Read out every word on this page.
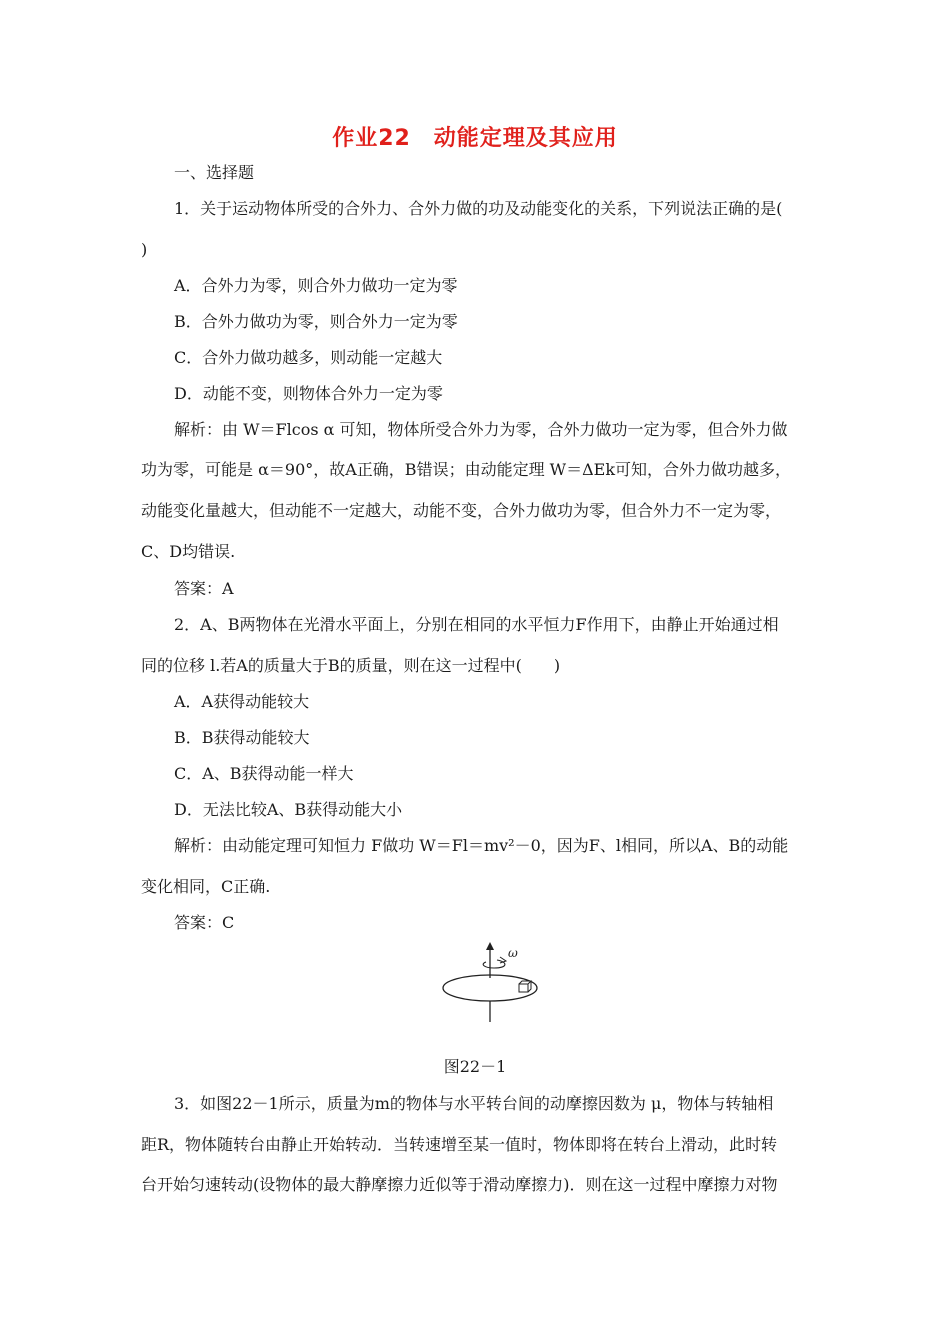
作业22　动能定理及其应用
一、选择题
1．关于运动物体所受的合外力、合外力做的功及动能变化的关系，下列说法正确的是(
)
A．合外力为零，则合外力做功一定为零
B．合外力做功为零，则合外力一定为零
C．合外力做功越多，则动能一定越大
D．动能不变，则物体合外力一定为零
解析：由 W＝Flcos α 可知，物体所受合外力为零，合外力做功一定为零，但合外力做
功为零，可能是 α＝90°，故A正确，B错误；由动能定理 W＝ΔEk可知，合外力做功越多，
动能变化量越大，但动能不一定越大，动能不变，合外力做功为零，但合外力不一定为零，
C、D均错误.
答案：A
2．A、B两物体在光滑水平面上，分别在相同的水平恒力F作用下，由静止开始通过相
同的位移 l.若A的质量大于B的质量，则在这一过程中(　　)
A．A获得动能较大
B．B获得动能较大
C．A、B获得动能一样大
D．无法比较A、B获得动能大小
解析：由动能定理可知恒力 F做功 W＝Fl＝mv²－0，因为F、l相同，所以A、B的动能
变化相同，C正确.
答案：C
3．如图22－1所示，质量为m的物体与水平转台间的动摩擦因数为 μ，物体与转轴相
距R，物体随转台由静止开始转动．当转速增至某一值时，物体即将在转台上滑动，此时转
台开始匀速转动(设物体的最大静摩擦力近似等于滑动摩擦力)．则在这一过程中摩擦力对物
ω
图22－1
